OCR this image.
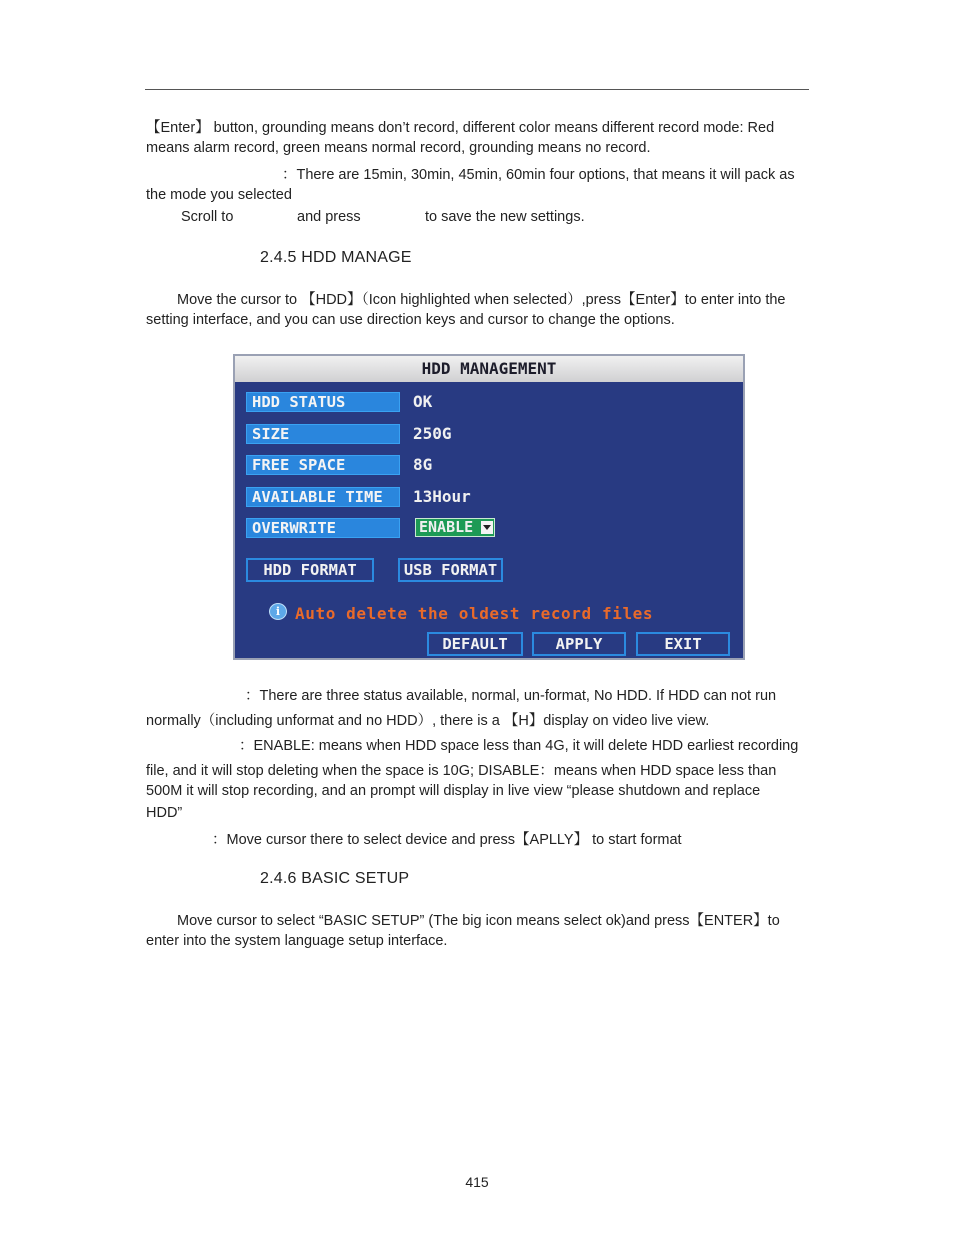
【Enter】 button, grounding means don’t record, different color means different record mode: Red
means alarm record, green means normal record, grounding means no record.
：There are 15min, 30min, 45min, 60min four options, that means it will pack as
the mode you selected
Scroll to	and press	to save the new settings.
2.4.5 HDD MANAGE
Move the cursor to 【HDD】（Icon highlighted when selected）,press【Enter】to enter into the
setting interface, and you can use direction keys and cursor to change the options.
HDD MANAGEMENT
HDD STATUS	OK
SIZE	250G
FREE SPACE	8G
AVAILABLE TIME	13Hour
OVERWRITE	ENABLE
HDD FORMAT	USB FORMAT
i Auto delete the oldest record files
DEFAULT	APPLY	EXIT
：There are three status available, normal, un-format, No HDD. If HDD can not run
normally（including unformat and no HDD）, there is a 【H】display on video live view.
：ENABLE: means when HDD space less than 4G, it will delete HDD earliest recording
file, and it will stop deleting when the space is 10G; DISABLE：means when HDD space less than
500M it will stop recording, and an prompt will display in live view “please shutdown and replace
HDD”
：Move cursor there to select device and press【APLLY】 to start format
2.4.6 BASIC SETUP
Move cursor to select “BASIC SETUP” (The big icon means select ok)and press【ENTER】to
enter into the system language setup interface.
415
